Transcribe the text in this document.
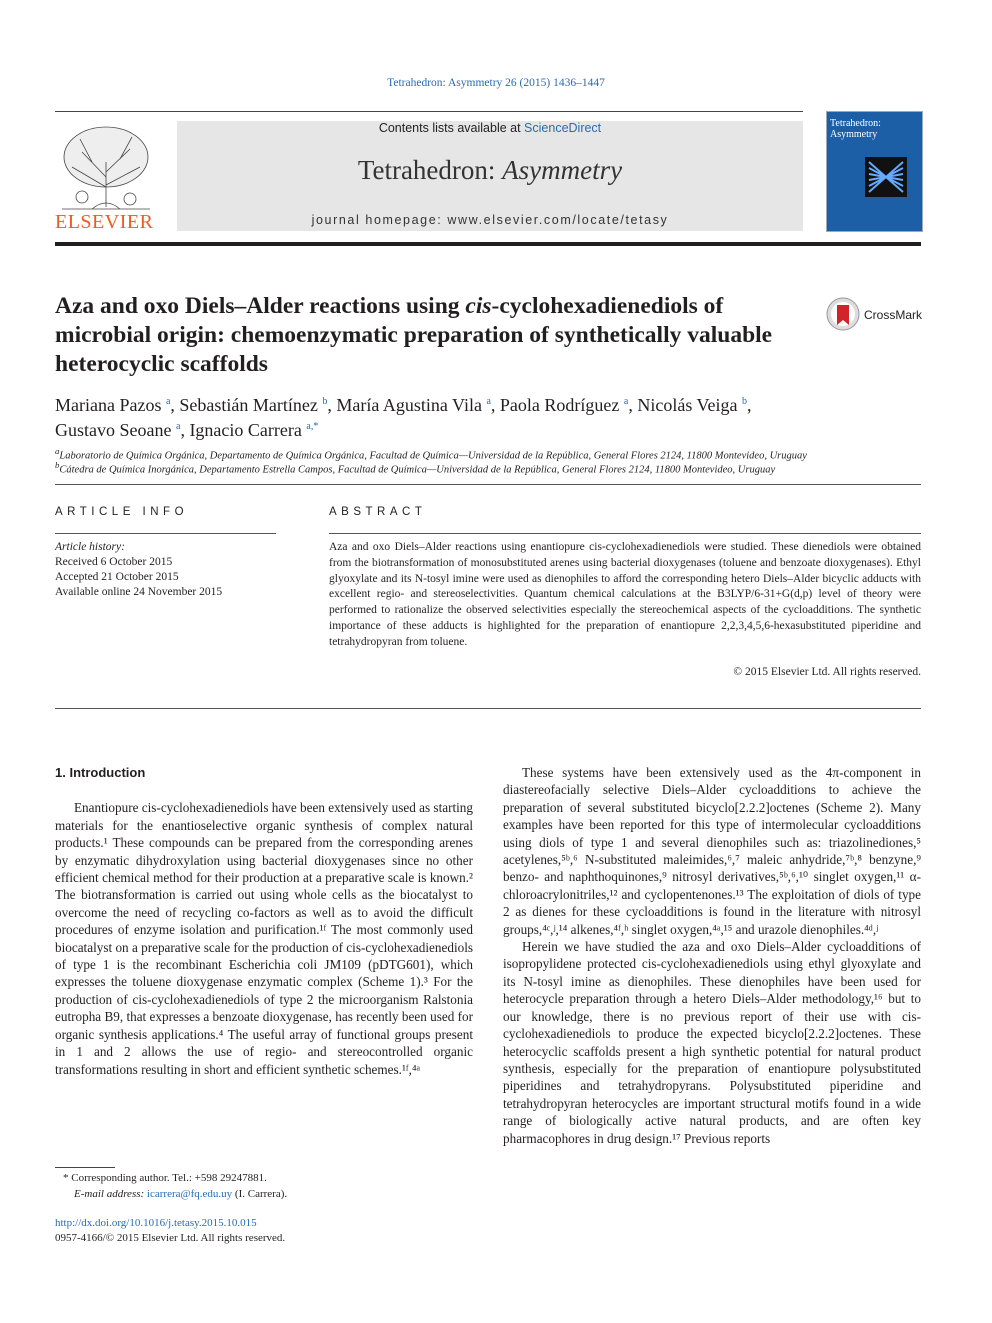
Tetrahedron: Asymmetry 26 (2015) 1436–1447
ELSEVIER
Contents lists available at ScienceDirect
Tetrahedron: Asymmetry
journal homepage: www.elsevier.com/locate/tetasy
Tetrahedron: Asymmetry
Aza and oxo Diels–Alder reactions using cis-cyclohexadienediols of microbial origin: chemoenzymatic preparation of synthetically valuable heterocyclic scaffolds
CrossMark
Mariana Pazos $^a$, Sebastián Martínez $^b$, María Agustina Vila $^a$, Paola Rodríguez $^a$, Nicolás Veiga $^b$,
Gustavo Seoane $^a$, Ignacio Carrera $^{a,*}$
$^a$Laboratorio de Química Orgánica, Departamento de Química Orgánica, Facultad de Química—Universidad de la República, General Flores 2124, 11800 Montevideo, Uruguay
$^b$Cátedra de Química Inorgánica, Departamento Estrella Campos, Facultad de Química—Universidad de la República, General Flores 2124, 11800 Montevideo, Uruguay
ARTICLE INFO
Article history:
Received 6 October 2015
Accepted 21 October 2015
Available online 24 November 2015
ABSTRACT
Aza and oxo Diels–Alder reactions using enantiopure cis-cyclohexadienediols were studied. These dienediols were obtained from the biotransformation of monosubstituted arenes using bacterial dioxygenases (toluene and benzoate dioxygenases). Ethyl glyoxylate and its N-tosyl imine were used as dienophiles to afford the corresponding hetero Diels–Alder bicyclic adducts with excellent regio- and stereoselectivities. Quantum chemical calculations at the B3LYP/6-31+G(d,p) level of theory were performed to rationalize the observed selectivities especially the stereochemical aspects of the cycloadditions. The synthetic importance of these adducts is highlighted for the preparation of enantiopure 2,2,3,4,5,6-hexasubstituted piperidine and tetrahydropyran from toluene.
© 2015 Elsevier Ltd. All rights reserved.
1. Introduction

Enantiopure cis-cyclohexadienediols have been extensively used as starting materials for the enantioselective organic synthesis of complex natural products.¹ These compounds can be prepared from the corresponding arenes by enzymatic dihydroxylation using bacterial dioxygenases since no other efficient chemical method for their production at a preparative scale is known.² The biotransformation is carried out using whole cells as the biocatalyst to overcome the need of recycling co-factors as well as to avoid the difficult procedures of enzyme isolation and purification.¹ᶠ The most commonly used biocatalyst on a preparative scale for the production of cis-cyclohexadienediols of type 1 is the recombinant Escherichia coli JM109 (pDTG601), which expresses the toluene dioxygenase enzymatic complex (Scheme 1).³ For the production of cis-cyclohexadienediols of type 2 the microorganism Ralstonia eutropha B9, that expresses a benzoate dioxygenase, has recently been used for organic synthesis applications.⁴ The useful array of functional groups present in 1 and 2 allows the use of regio- and stereocontrolled organic transformations resulting in short and efficient synthetic schemes.¹ᶠ,⁴ᵃ

These systems have been extensively used as the 4π-component in diastereofacially selective Diels–Alder cycloadditions to achieve the preparation of several substituted bicyclo[2.2.2]octenes (Scheme 2). Many examples have been reported for this type of intermolecular cycloadditions using diols of type 1 and several dienophiles such as: triazolinediones,⁵ acetylenes,⁵ᵇ,⁶ N-substituted maleimides,⁶,⁷ maleic anhydride,⁷ᵇ,⁸ benzyne,⁹ benzo- and naphthoquinones,⁹ nitrosyl derivatives,⁵ᵇ,⁶,¹⁰ singlet oxygen,¹¹ α-chloroacrylonitriles,¹² and cyclopentenones.¹³ The exploitation of diols of type 2 as dienes for these cycloadditions is found in the literature with nitrosyl groups,⁴ᶜ,ʲ,¹⁴ alkenes,⁴ᶠ,ʰ singlet oxygen,⁴ᵃ,¹⁵ and urazole dienophiles.⁴ᵈ,ʲ

Herein we have studied the aza and oxo Diels–Alder cycloadditions of isopropylidene protected cis-cyclohexadienediols using ethyl glyoxylate and its N-tosyl imine as dienophiles. These dienophiles have been used for heterocycle preparation through a hetero Diels–Alder methodology,¹⁶ but to our knowledge, there is no previous report of their use with cis-cyclohexadienediols to produce the expected bicyclo[2.2.2]octenes. These heterocyclic scaffolds present a high synthetic potential for natural product synthesis, especially for the preparation of enantiopure polysubstituted piperidines and tetrahydropyrans. Polysubstituted piperidine and tetrahydropyran heterocycles are important structural motifs found in a wide range of biologically active natural products, and are often key pharmacophores in drug design.¹⁷ Previous reports

* Corresponding author. Tel.: +598 29247881.
E-mail address: icarrera@fq.edu.uy (I. Carrera).
http://dx.doi.org/10.1016/j.tetasy.2015.10.015
0957-4166/© 2015 Elsevier Ltd. All rights reserved.
